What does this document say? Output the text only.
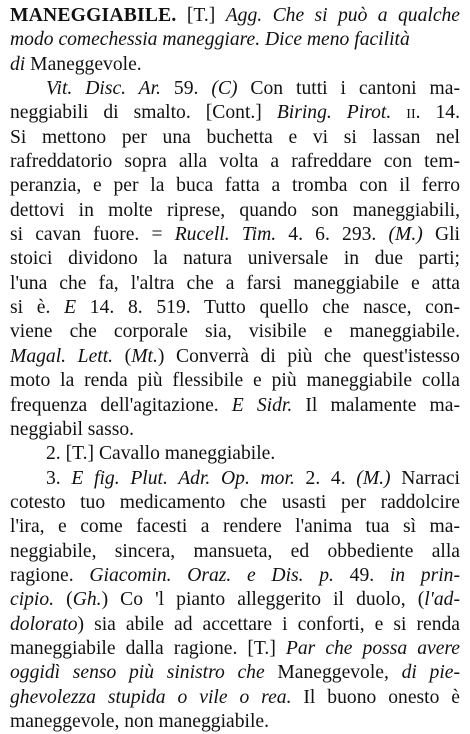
MANEGGIABILE. [T.] Agg. Che si può a qualche
modo comechessia maneggiare. Dice meno facilità
di Maneggevole.
Vit. Disc. Ar. 59. (C) Con tutti i cantoni ma-
neggiabili di smalto. [Cont.] Biring. Pirot. ii. 14.
Si mettono per una buchetta e vi si lassan nel
rafreddatorio sopra alla volta a rafreddare con tem-
peranzia, e per la buca fatta a tromba con il ferro
dettovi in molte riprese, quando son maneggiabili,
si cavan fuore. = Rucell. Tim. 4. 6. 293. (M.) Gli
stoici dividono la natura universale in due parti;
l'una che fa, l'altra che a farsi maneggiabile e atta
si è. E 14. 8. 519. Tutto quello che nasce, con-
viene che corporale sia, visibile e maneggiabile.
Magal. Lett. (Mt.) Converrà di più che quest'istesso
moto la renda più flessibile e più maneggiabile colla
frequenza dell'agitazione. E Sidr. Il malamente ma-
neggiabil sasso.
2. [T.] Cavallo maneggiabile.
3. E fig. Plut. Adr. Op. mor. 2. 4. (M.) Narraci
cotesto tuo medicamento che usasti per raddolcire
l'ira, e come facesti a rendere l'anima tua sì ma-
neggiabile, sincera, mansueta, ed obbediente alla
ragione. Giacomin. Oraz. e Dis. p. 49. in prin-
cipio. (Gh.) Co 'l pianto alleggerito il duolo, (l'ad-
dolorato) sia abile ad accettare i conforti, e si renda
maneggiabile dalla ragione. [T.] Par che possa avere
oggidì senso più sinistro che Maneggevole, di pie-
ghevolezza stupida o vile o rea. Il buono onesto è
maneggevole, non maneggiabile.
